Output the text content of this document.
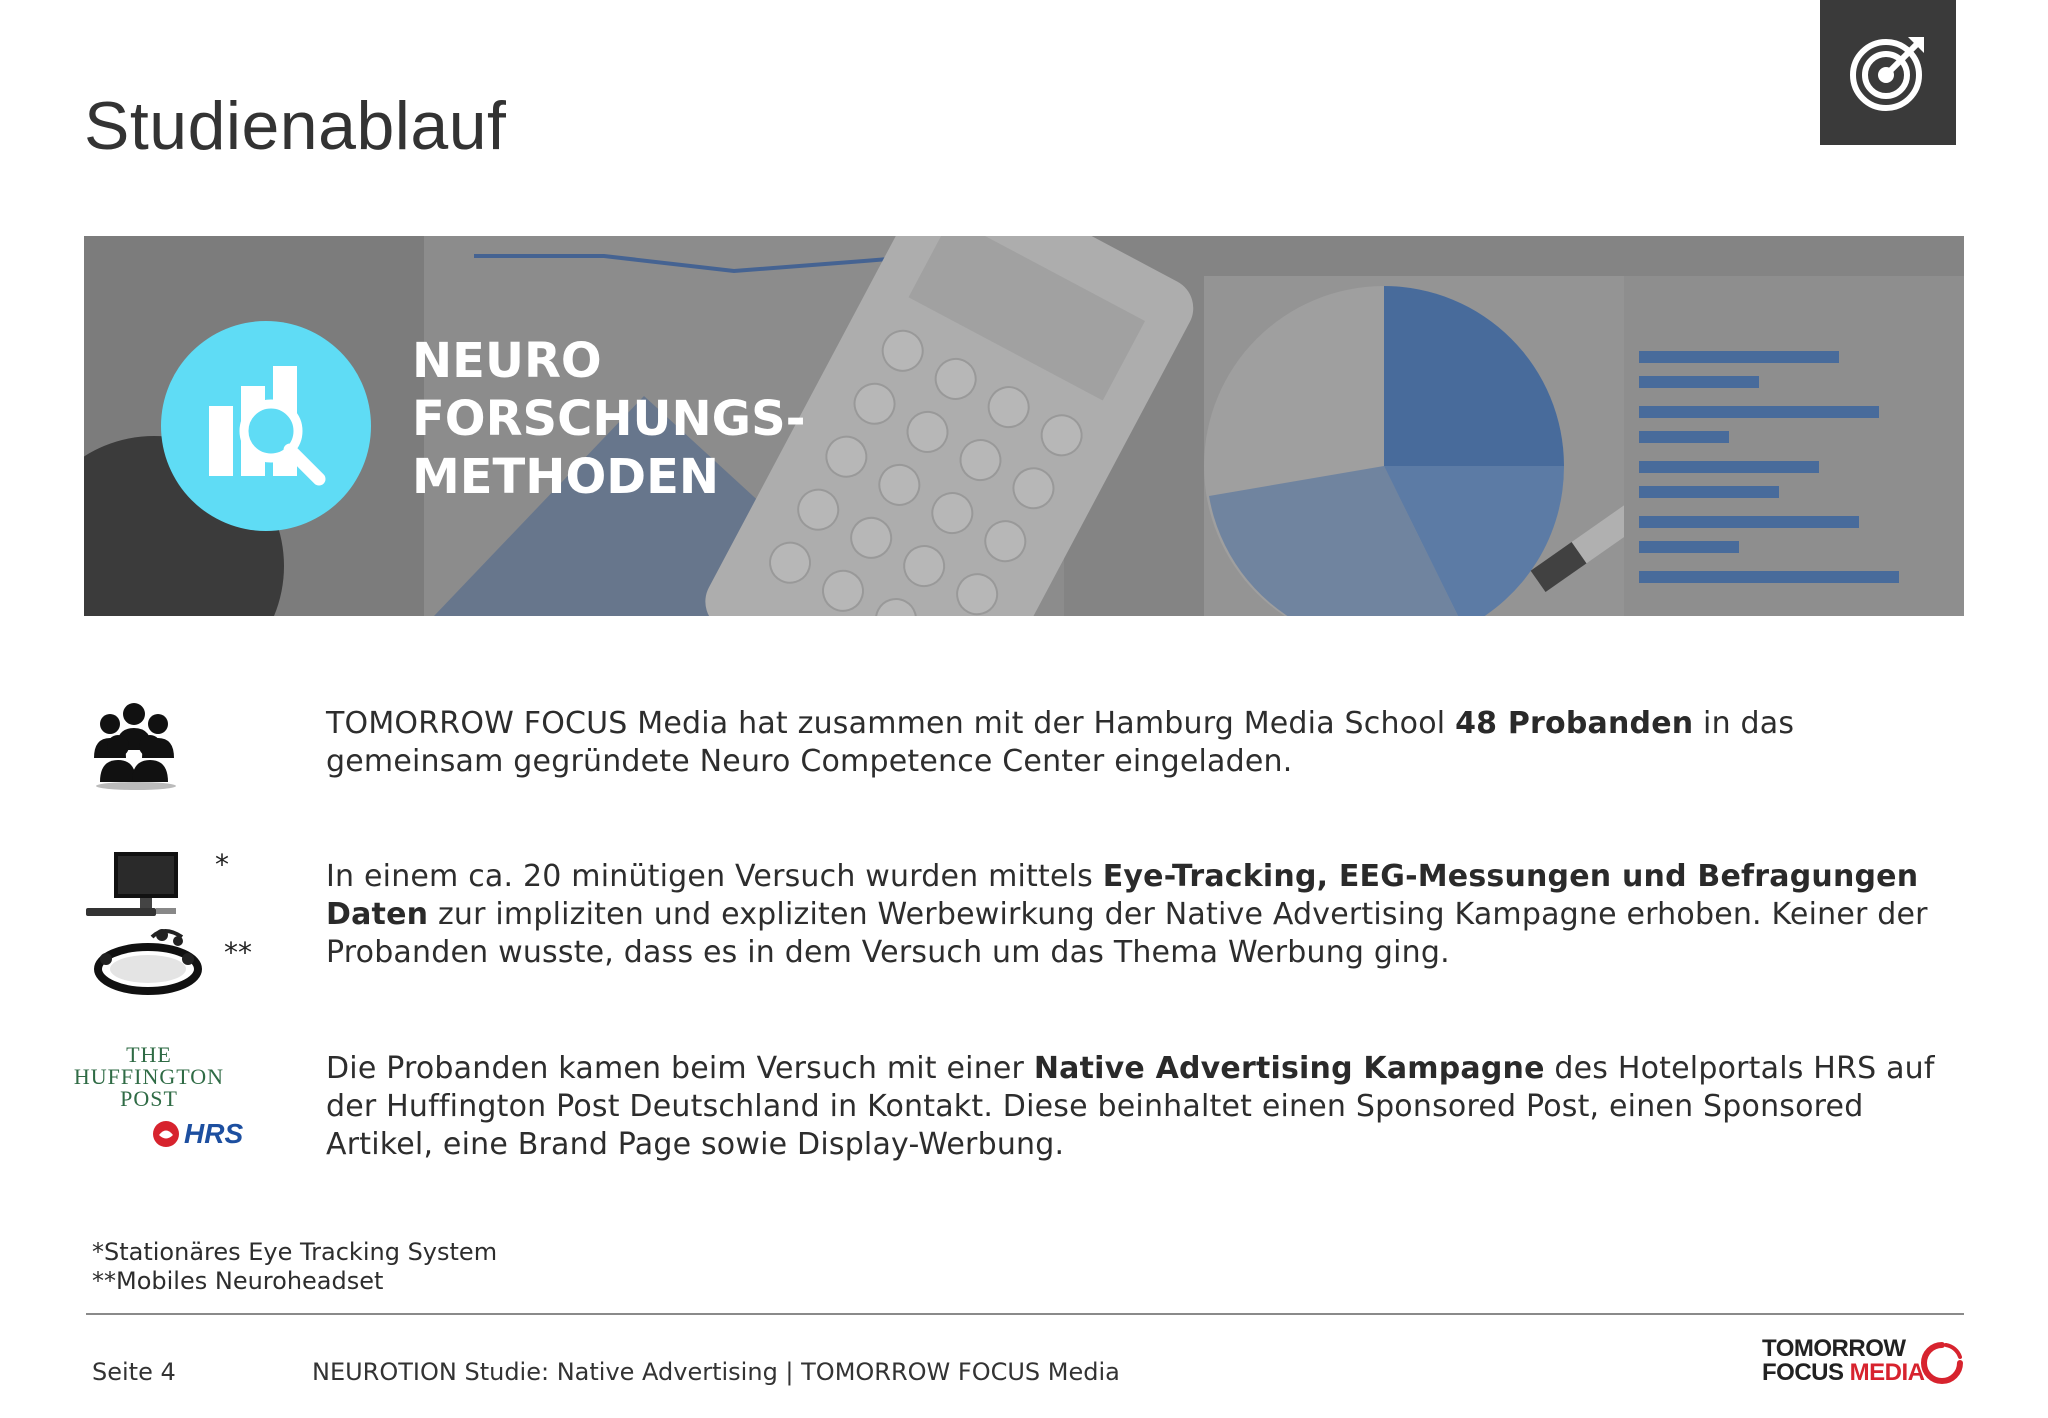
Studienablauf
NEURO
FORSCHUNGS-
METHODEN
TOMORROW FOCUS Media hat zusammen mit der Hamburg Media School 48 Probanden in das gemeinsam gegründete Neuro Competence Center eingeladen.
*
**
In einem ca. 20 minütigen Versuch wurden mittels Eye-Tracking, EEG-Messungen und Befragungen Daten zur impliziten und expliziten Werbewirkung der Native Advertising Kampagne erhoben. Keiner der Probanden wusste, dass es in dem Versuch um das Thema Werbung ging.
THE
HUFFINGTON
POST
HRS
Die Probanden kamen beim Versuch mit einer Native Advertising Kampagne des Hotelportals HRS auf der Huffington Post Deutschland in Kontakt. Diese beinhaltet einen Sponsored Post, einen Sponsored Artikel, eine Brand Page sowie Display-Werbung.
*Stationäres Eye Tracking System
**Mobiles Neuroheadset
Seite 4	NEUROTION Studie: Native Advertising | TOMORROW FOCUS Media
TOMORROW
FOCUS MEDIA
